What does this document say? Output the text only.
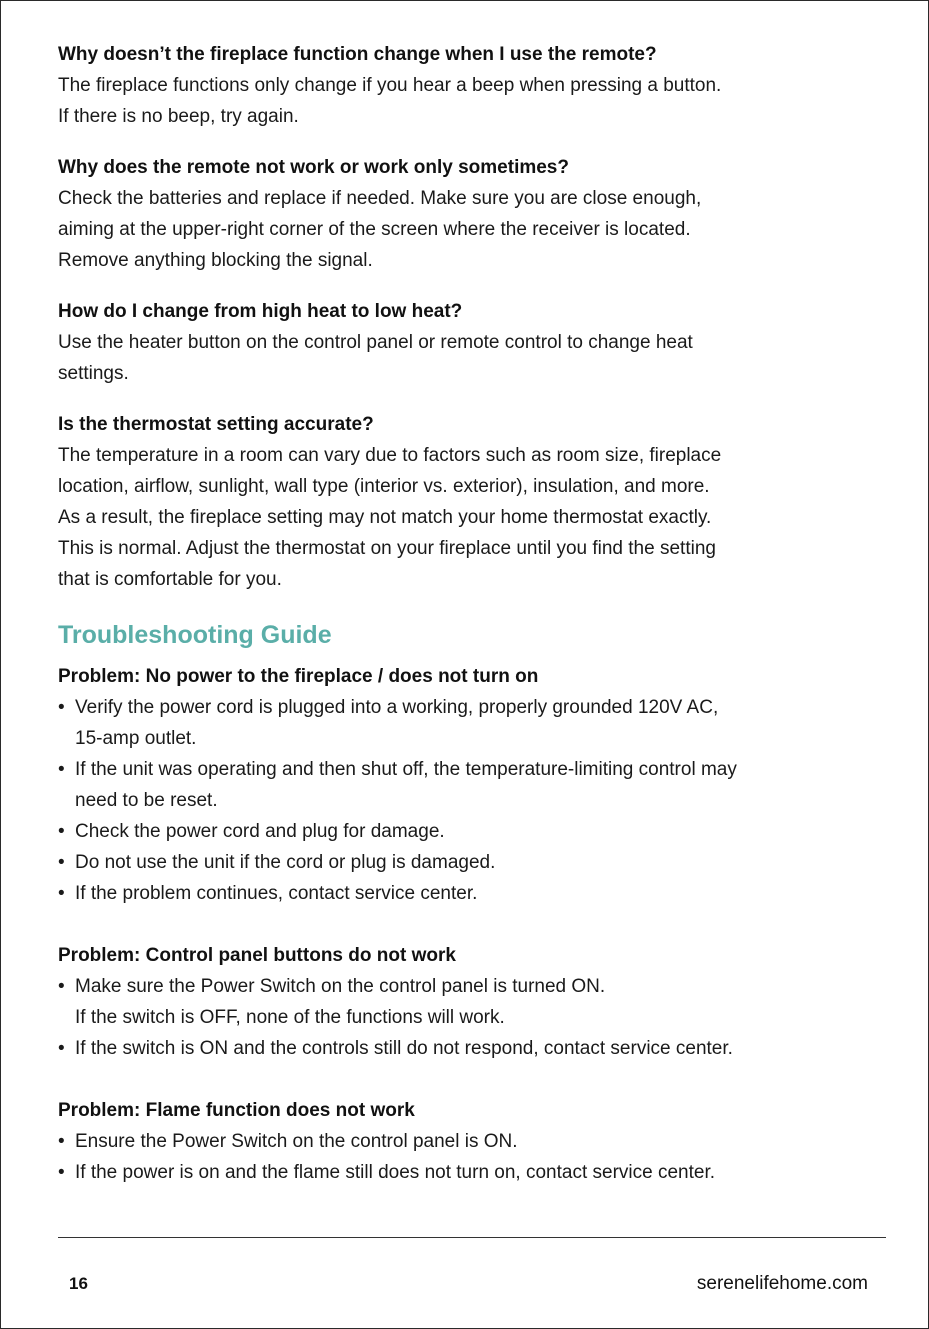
Why doesn’t the fireplace function change when I use the remote?

The fireplace functions only change if you hear a beep when pressing a button.

If there is no beep, try again.

Why does the remote not work or work only sometimes?

Check the batteries and replace if needed. Make sure you are close enough,

aiming at the upper-right corner of the screen where the receiver is located.

Remove anything blocking the signal.

How do I change from high heat to low heat?

Use the heater button on the control panel or remote control to change heat

settings.

Is the thermostat setting accurate?

The temperature in a room can vary due to factors such as room size, fireplace

location, airflow, sunlight, wall type (interior vs. exterior), insulation, and more.

As a result, the fireplace setting may not match your home thermostat exactly.

This is normal. Adjust the thermostat on your fireplace until you find the setting

that is comfortable for you.

Troubleshooting Guide
Problem: No power to the fireplace / does not turn on
• Verify the power cord is plugged into a working, properly grounded 120V AC,
15-amp outlet.
• If the unit was operating and then shut off, the temperature-limiting control may
need to be reset.
• Check the power cord and plug for damage.
• Do not use the unit if the cord or plug is damaged.
• If the problem continues, contact service center.
Problem: Control panel buttons do not work
• Make sure the Power Switch on the control panel is turned ON.
If the switch is OFF, none of the functions will work.
• If the switch is ON and the controls still do not respond, contact service center.
Problem: Flame function does not work
• Ensure the Power Switch on the control panel is ON.
• If the power is on and the flame still does not turn on, contact service center.
16	serenelifehome.com
